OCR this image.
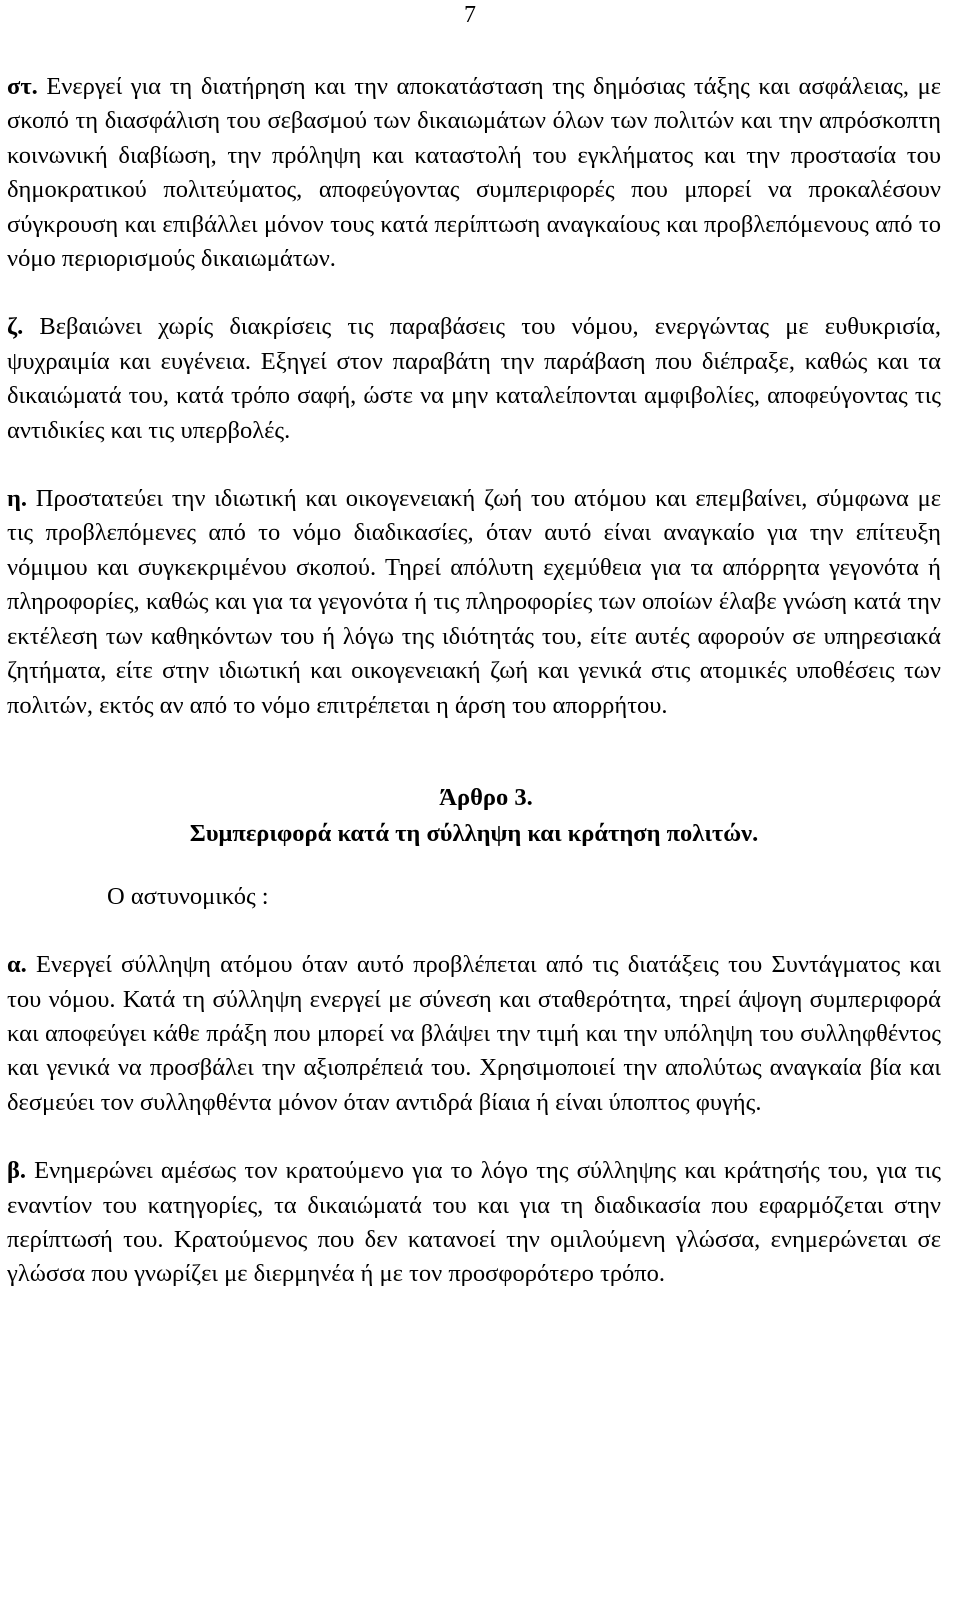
7

στ. Ενεργεί για τη διατήρηση και την αποκατάσταση της δημόσιας τάξης και ασφάλειας, με σκοπό τη διασφάλιση του σεβασμού των δικαιωμάτων όλων των πολιτών και την απρόσκοπτη κοινωνική διαβίωση, την πρόληψη και καταστολή του εγκλήματος και την προστασία του δημοκρατικού πολιτεύματος, αποφεύγοντας συμπεριφορές που μπορεί να προκαλέσουν σύγκρουση και επιβάλλει μόνον τους κατά περίπτωση αναγκαίους και προβλεπόμενους από το νόμο περιορισμούς δικαιωμάτων.

ζ. Βεβαιώνει χωρίς διακρίσεις τις παραβάσεις του νόμου, ενεργώντας με ευθυκρισία, ψυχραιμία και ευγένεια. Εξηγεί στον παραβάτη την παράβαση που διέπραξε, καθώς και τα δικαιώματά του, κατά τρόπο σαφή, ώστε να μην καταλείπονται αμφιβολίες, αποφεύγοντας τις αντιδικίες και τις υπερβολές.

η. Προστατεύει την ιδιωτική και οικογενειακή ζωή του ατόμου και επεμβαίνει, σύμφωνα με τις προβλεπόμενες από το νόμο διαδικασίες, όταν αυτό είναι αναγκαίο για την επίτευξη νόμιμου και συγκεκριμένου σκοπού. Τηρεί απόλυτη εχεμύθεια για τα απόρρητα γεγονότα ή πληροφορίες, καθώς και για τα γεγονότα ή τις πληροφορίες των οποίων έλαβε γνώση κατά την εκτέλεση των καθηκόντων του ή λόγω της ιδιότητάς του, είτε αυτές αφορούν σε υπηρεσιακά ζητήματα, είτε στην ιδιωτική και οικογενειακή ζωή και γενικά στις ατομικές υποθέσεις των πολιτών, εκτός αν από το νόμο επιτρέπεται η άρση του απορρήτου.

Άρθρο 3.

Συμπεριφορά κατά τη σύλληψη και κράτηση πολιτών.

Ο αστυνομικός :

α. Ενεργεί σύλληψη ατόμου όταν αυτό προβλέπεται από τις διατάξεις του Συντάγματος και του νόμου. Κατά τη σύλληψη ενεργεί με σύνεση και σταθερότητα, τηρεί άψογη συμπεριφορά και αποφεύγει κάθε πράξη που μπορεί να βλάψει την τιμή και την υπόληψη του συλληφθέντος και γενικά να προσβάλει την αξιοπρέπειά του. Χρησιμοποιεί την απολύτως αναγκαία βία και δεσμεύει τον συλληφθέντα μόνον όταν αντιδρά βίαια ή είναι ύποπτος φυγής.

β. Ενημερώνει αμέσως τον κρατούμενο για το λόγο της σύλληψης και κράτησής του, για τις εναντίον του κατηγορίες, τα δικαιώματά του και για τη διαδικασία που εφαρμόζεται στην περίπτωσή του. Κρατούμενος που δεν κατανοεί την ομιλούμενη γλώσσα, ενημερώνεται σε γλώσσα που γνωρίζει με διερμηνέα ή με τον προσφορότερο τρόπο.
